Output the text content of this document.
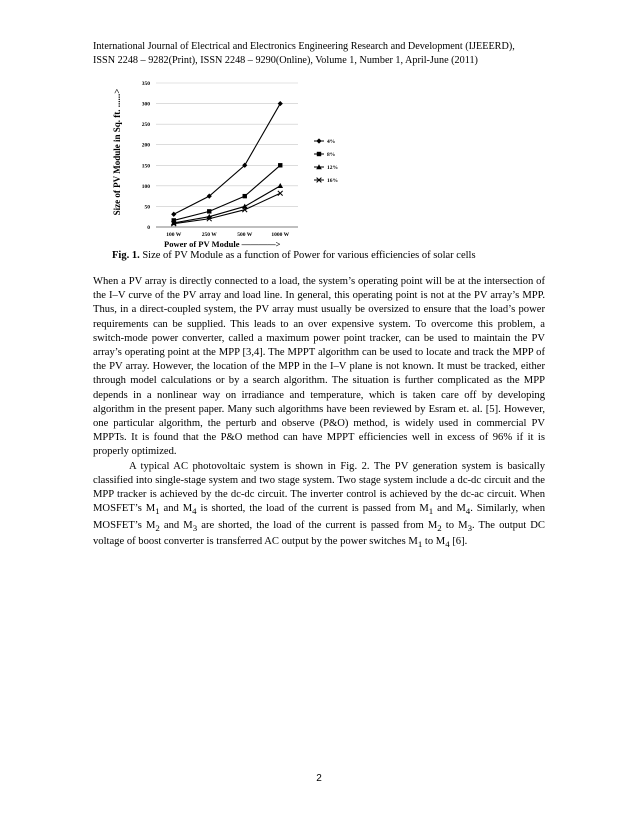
International Journal of Electrical and Electronics Engineering Research and Development (IJEEERD),
ISSN 2248 – 9282(Print), ISSN 2248 – 9290(Online), Volume 1, Number 1, April-June (2011)
0
50
100
150
200
250
300
350
100 W	250 W	500 W	1000 W
Power of PV Module ————>
4%
8%
12%
16%
Size of PV Module in Sq. ft. ......>
Fig. 1. Size of PV Module as a function of Power for various efficiencies of solar cells

When a PV array is directly connected to a load, the system’s operating point will be at the intersection of the I–V curve of the PV array and load line. In general, this operating point is not at the PV array’s MPP. Thus, in a direct-coupled system, the PV array must usually be oversized to ensure that the load’s power requirements can be supplied. This leads to an over expensive system. To overcome this problem, a switch-mode power converter, called a maximum power point tracker, can be used to maintain the PV array’s operating point at the MPP [3,4]. The MPPT algorithm can be used to locate and track the MPP of the PV array. However, the location of the MPP in the I–V plane is not known. It must be tracked, either through model calculations or by a search algorithm. The situation is further complicated as the MPP depends in a nonlinear way on irradiance and temperature, which is taken care off by developing algorithm in the present paper. Many such algorithms have been reviewed by Esram et. al. [5]. However, one particular algorithm, the perturb and observe (P&O) method, is widely used in commercial PV MPPTs. It is found that the P&O method can have MPPT efficiencies well in excess of 96% if it is properly optimized.

A typical AC photovoltaic system is shown in Fig. 2. The PV generation system is basically classified into single-stage system and two stage system. Two stage system include a dc-dc circuit and the MPP tracker is achieved by the dc-dc circuit. The inverter control is achieved by the dc-ac circuit. When MOSFET’s $M_1$ and $M_4$ is shorted, the load of the current is passed from $M_1$ and $M_4$. Similarly, when MOSFET’s $M_2$ and $M_3$ are shorted, the load of the current is passed from $M_2$ to $M_3$. The output DC voltage of boost converter is transferred AC output by the power switches $M_1$ to $M_4$ [6].

2
